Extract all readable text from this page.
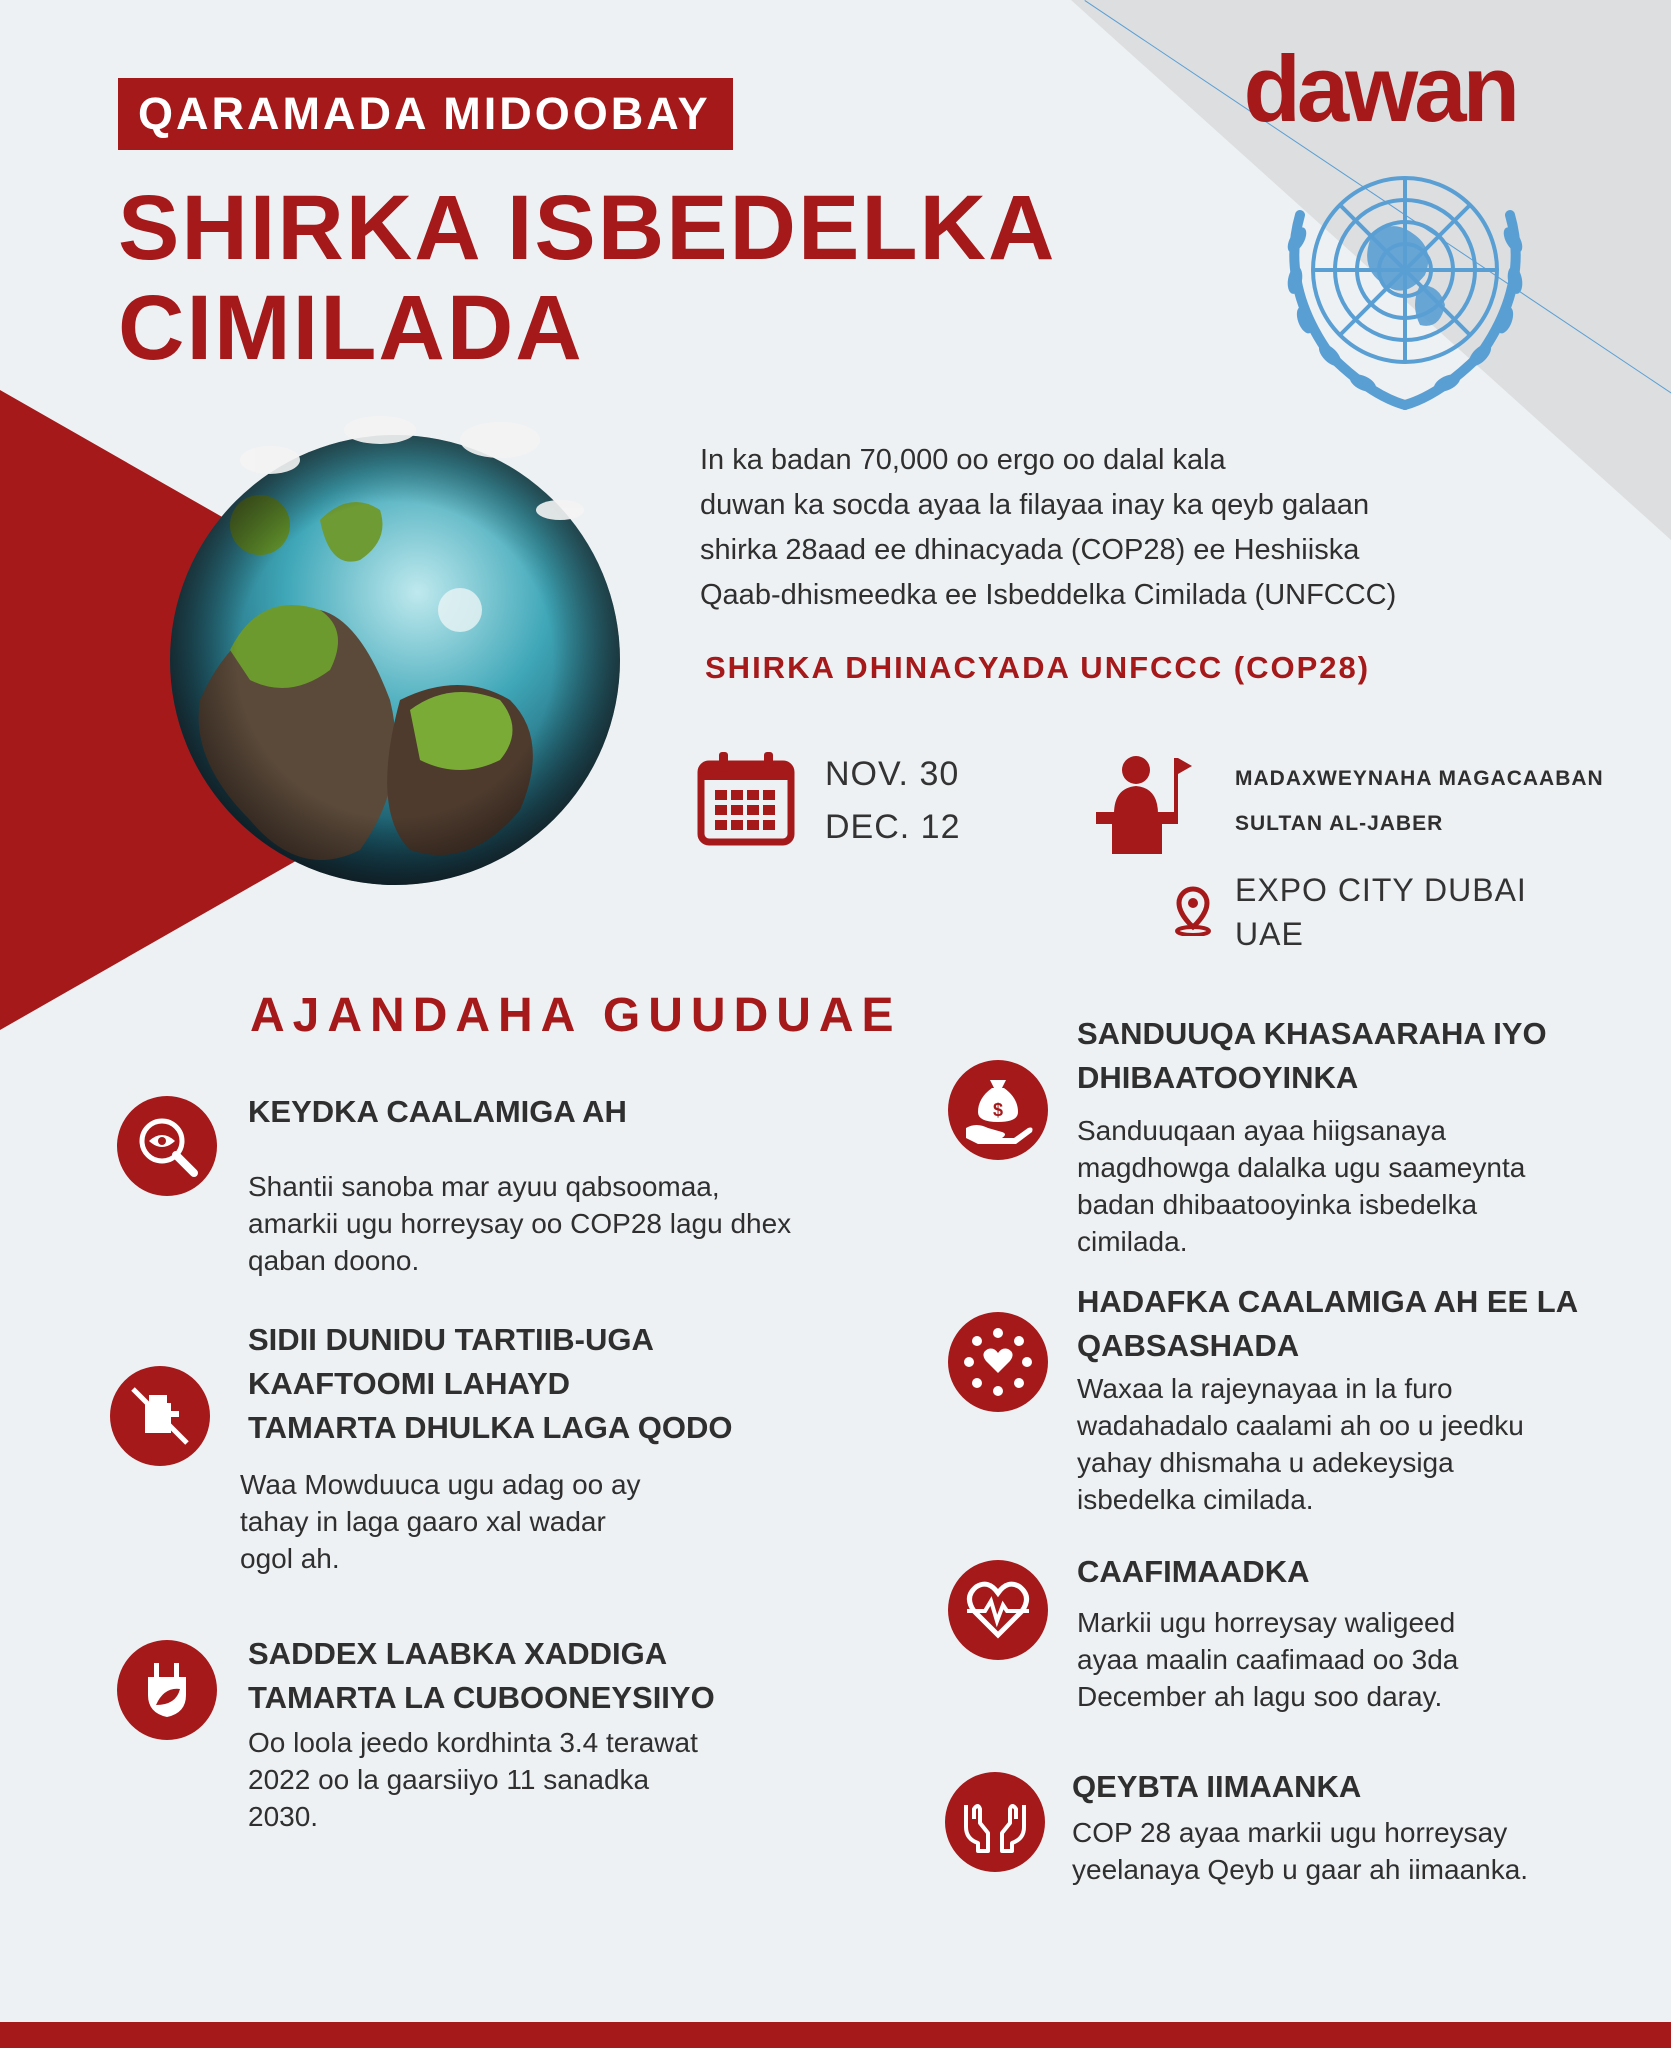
dawan
QARAMADA MIDOOBAY
SHIRKA ISBEDELKA
CIMILADA
In ka badan 70,000 oo ergo oo dalal kala
duwan ka socda ayaa la filayaa inay ka qeyb galaan
shirka 28aad ee dhinacyada (COP28) ee Heshiiska
Qaab-dhismeedka ee Isbeddelka Cimilada (UNFCCC)
SHIRKA DHINACYADA UNFCCC (COP28)
NOV. 30
DEC. 12
MADAXWEYNAHA MAGACAABAN
SULTAN AL-JABER
EXPO CITY DUBAI
UAE
AJANDAHA GUUDUAE
KEYDKA CAALAMIGA AH
Shantii sanoba mar ayuu qabsoomaa,
amarkii ugu horreysay oo COP28 lagu dhex
qaban doono.
SIDII DUNIDU TARTIIB-UGA
KAAFTOOMI LAHAYD
TAMARTA DHULKA LAGA QODO
Waa Mowduuca ugu adag oo ay
tahay in laga gaaro xal wadar
ogol ah.
SADDEX LAABKA XADDIGA
TAMARTA LA CUBOONEYSIIYO
Oo loola jeedo kordhinta 3.4 terawat
2022 oo la gaarsiiyo 11 sanadka
2030.
SANDUUQA KHASAARAHA IYO
DHIBAATOOYINKA
$
Sanduuqaan ayaa hiigsanaya
magdhowga dalalka ugu saameynta
badan dhibaatooyinka isbedelka
cimilada.
HADAFKA CAALAMIGA AH EE LA
QABSASHADA
Waxaa la rajeynayaa in la furo
wadahadalo caalami ah oo u jeedku
yahay dhismaha u adekeysiga
isbedelka cimilada.
CAAFIMAADKA
Markii ugu horreysay waligeed
ayaa maalin caafimaad oo 3da
December ah lagu soo daray.
QEYBTA IIMAANKA
COP 28 ayaa markii ugu horreysay
yeelanaya Qeyb u gaar ah iimaanka.
